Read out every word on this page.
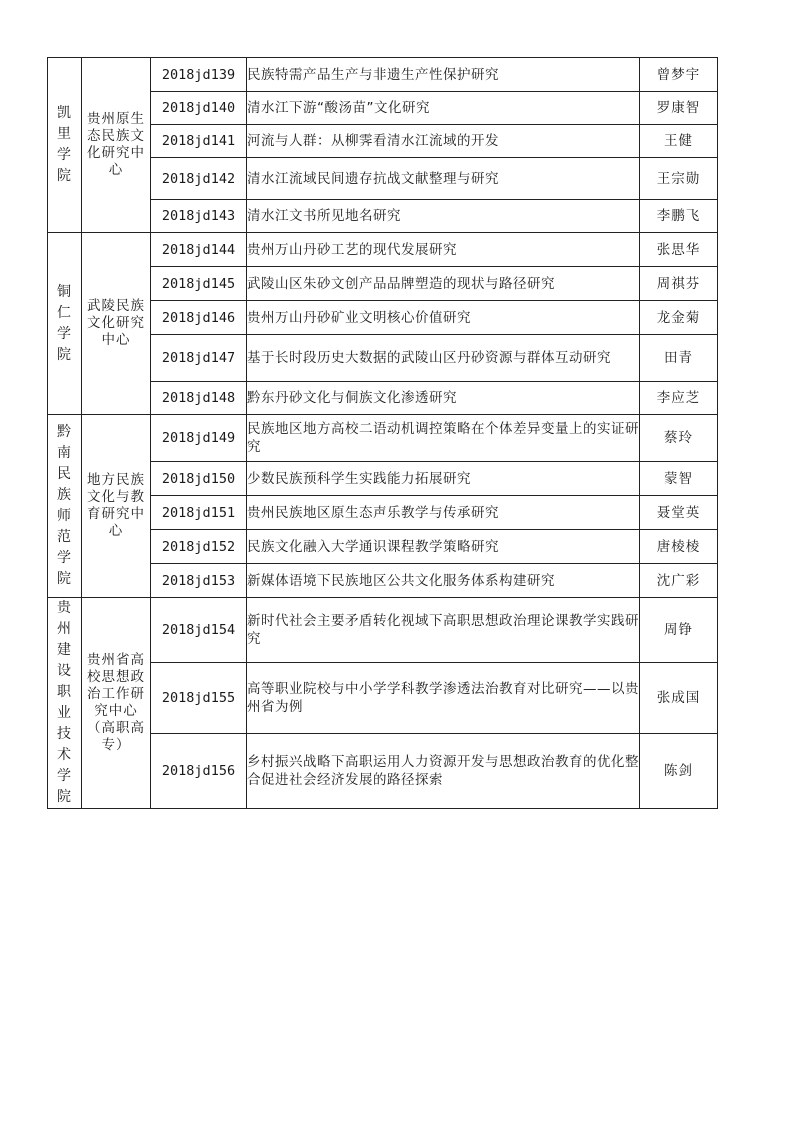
凯里学院	贵州原生态民族文化研究中心	2018jd139	民族特需产品生产与非遗生产性保护研究	曾梦宇
		2018jd140	清水江下游“酸汤苗”文化研究	罗康智
		2018jd141	河流与人群：从柳霁看清水江流域的开发	王健
		2018jd142	清水江流域民间遗存抗战文献整理与研究	王宗勋
		2018jd143	清水江文书所见地名研究	李鹏飞
铜仁学院	武陵民族文化研究中心	2018jd144	贵州万山丹砂工艺的现代发展研究	张思华
		2018jd145	武陵山区朱砂文创产品品牌塑造的现状与路径研究	周祺芬
		2018jd146	贵州万山丹砂矿业文明核心价值研究	龙金菊
		2018jd147	基于长时段历史大数据的武陵山区丹砂资源与群体互动研究	田青
		2018jd148	黔东丹砂文化与侗族文化渗透研究	李应芝
黔南民族师范学院	地方民族文化与教育研究中心	2018jd149	民族地区地方高校二语动机调控策略在个体差异变量上的实证研究	蔡玲
		2018jd150	少数民族预科学生实践能力拓展研究	蒙智
		2018jd151	贵州民族地区原生态声乐教学与传承研究	聂堂英
		2018jd152	民族文化融入大学通识课程教学策略研究	唐棱棱
		2018jd153	新媒体语境下民族地区公共文化服务体系构建研究	沈广彩
贵州建设职业技术学院	贵州省高校思想政治工作研究中心（高职高专）	2018jd154	新时代社会主要矛盾转化视域下高职思想政治理论课教学实践研究	周铮
		2018jd155	高等职业院校与中小学学科教学渗透法治教育对比研究——以贵州省为例	张成国
		2018jd156	乡村振兴战略下高职运用人力资源开发与思想政治教育的优化整合促进社会经济发展的路径探索	陈剑
